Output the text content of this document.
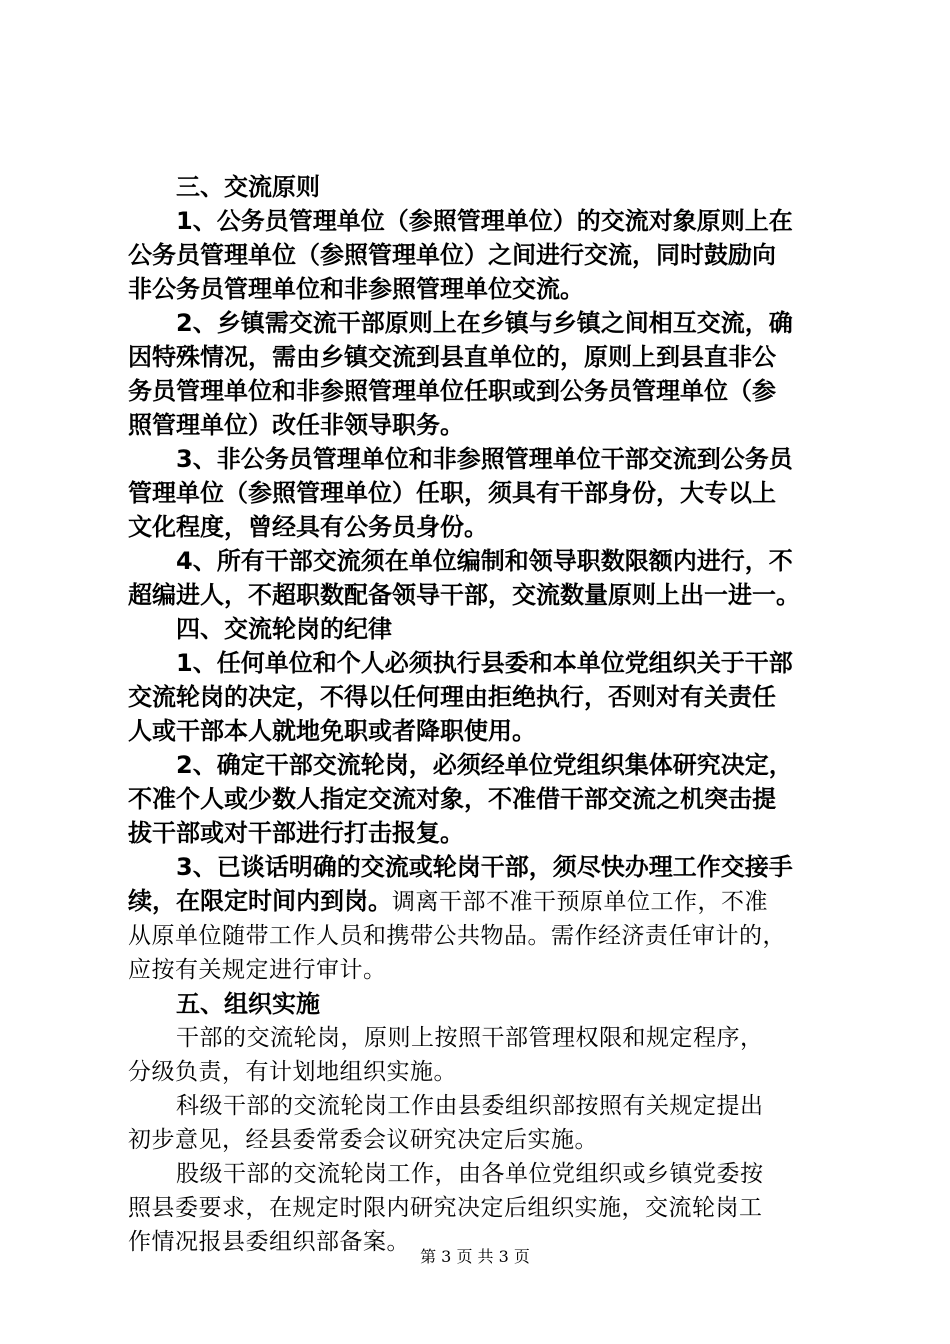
三、交流原则
1、公务员管理单位（参照管理单位）的交流对象原则上在
公务员管理单位（参照管理单位）之间进行交流，同时鼓励向
非公务员管理单位和非参照管理单位交流。
2、乡镇需交流干部原则上在乡镇与乡镇之间相互交流，确
因特殊情况，需由乡镇交流到县直单位的，原则上到县直非公
务员管理单位和非参照管理单位任职或到公务员管理单位（参
照管理单位）改任非领导职务。
3、非公务员管理单位和非参照管理单位干部交流到公务员
管理单位（参照管理单位）任职，须具有干部身份，大专以上
文化程度，曾经具有公务员身份。
4、所有干部交流须在单位编制和领导职数限额内进行，不
超编进人，不超职数配备领导干部，交流数量原则上出一进一。
四、交流轮岗的纪律
1、任何单位和个人必须执行县委和本单位党组织关于干部
交流轮岗的决定，不得以任何理由拒绝执行，否则对有关责任
人或干部本人就地免职或者降职使用。
2、确定干部交流轮岗，必须经单位党组织集体研究决定，
不准个人或少数人指定交流对象，不准借干部交流之机突击提
拔干部或对干部进行打击报复。
3、已谈话明确的交流或轮岗干部，须尽快办理工作交接手
续，在限定时间内到岗。调离干部不准干预原单位工作，不准
从原单位随带工作人员和携带公共物品。需作经济责任审计的，
应按有关规定进行审计。
五、组织实施
干部的交流轮岗，原则上按照干部管理权限和规定程序，
分级负责，有计划地组织实施。
科级干部的交流轮岗工作由县委组织部按照有关规定提出
初步意见，经县委常委会议研究决定后实施。
股级干部的交流轮岗工作，由各单位党组织或乡镇党委按
照县委要求，在规定时限内研究决定后组织实施，交流轮岗工
作情况报县委组织部备案。
第 3 页 共 3 页
